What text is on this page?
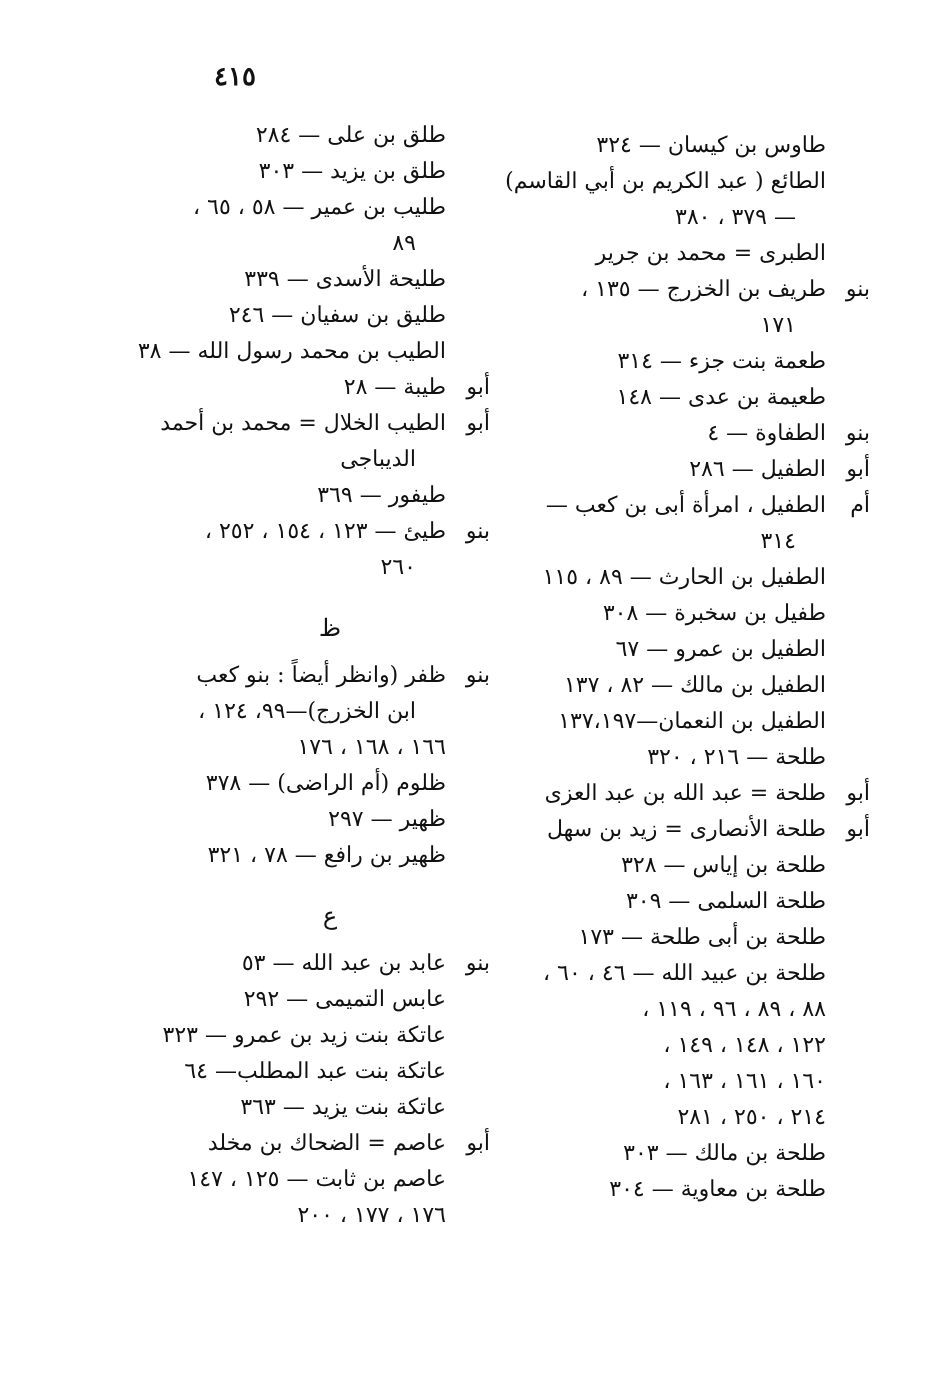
٤١٥
طاوس بن كيسان — ٣٢٤
الطائع ( عبد الكريم بن أبي القاسم)
— ٣٧٩ ، ٣٨٠
الطبرى = محمد بن جرير
بنو
طريف بن الخزرج — ١٣٥ ،
١٧١
طعمة بنت جزء — ٣١٤
طعيمة بن عدى — ١٤٨
بنو
الطفاوة — ٤
أبو
الطفيل — ٢٨٦
أم
الطفيل ، امرأة أبى بن كعب —
٣١٤
الطفيل بن الحارث — ٨٩ ، ١١٥
طفيل بن سخبرة — ٣٠٨
الطفيل بن عمرو — ٦٧
الطفيل بن مالك — ٨٢ ، ١٣٧
الطفيل بن النعمان—١٣٧،١٩٧
طلحة — ٢١٦ ، ٣٢٠
أبو
طلحة = عبد الله بن عبد العزى
أبو
طلحة الأنصارى = زيد بن سهل
طلحة بن إياس — ٣٢٨
طلحة السلمى — ٣٠٩
طلحة بن أبى طلحة — ١٧٣
طلحة بن عبيد الله — ٤٦ ، ٦٠ ،
٨٨ ، ٨٩ ، ٩٦ ، ١١٩ ،
١٢٢ ، ١٤٨ ، ١٤٩ ،
١٦٠ ، ١٦١ ، ١٦٣ ،
٢١٤ ، ٢٥٠ ، ٢٨١
طلحة بن مالك — ٣٠٣
طلحة بن معاوية — ٣٠٤
طلق بن على — ٢٨٤
طلق بن يزيد — ٣٠٣
طليب بن عمير — ٥٨ ، ٦٥ ،
٨٩
طليحة الأسدى — ٣٣٩
طليق بن سفيان — ٢٤٦
الطيب بن محمد رسول الله — ٣٨
أبو
طيبة — ٢٨
أبو
الطيب الخلال = محمد بن أحمد
الديباجى
طيفور — ٣٦٩
بنو
طيئ — ١٢٣ ، ١٥٤ ، ٢٥٢ ،
٢٦٠
ظ
بنو
ظفر (وانظر أيضاً : بنو كعب
ابن الخزرج)—٩٩، ١٢٤ ،
١٦٦ ، ١٦٨ ، ١٧٦
ظلوم (أم الراضى) — ٣٧٨
ظهير — ٢٩٧
ظهير بن رافع — ٧٨ ، ٣٢١
ع
بنو
عابد بن عبد الله — ٥٣
عابس التميمى — ٢٩٢
عاتكة بنت زيد بن عمرو — ٣٢٣
عاتكة بنت عبد المطلب— ٦٤
عاتكة بنت يزيد — ٣٦٣
أبو
عاصم = الضحاك بن مخلد
عاصم بن ثابت — ١٢٥ ، ١٤٧
١٧٦ ، ١٧٧ ، ٢٠٠
